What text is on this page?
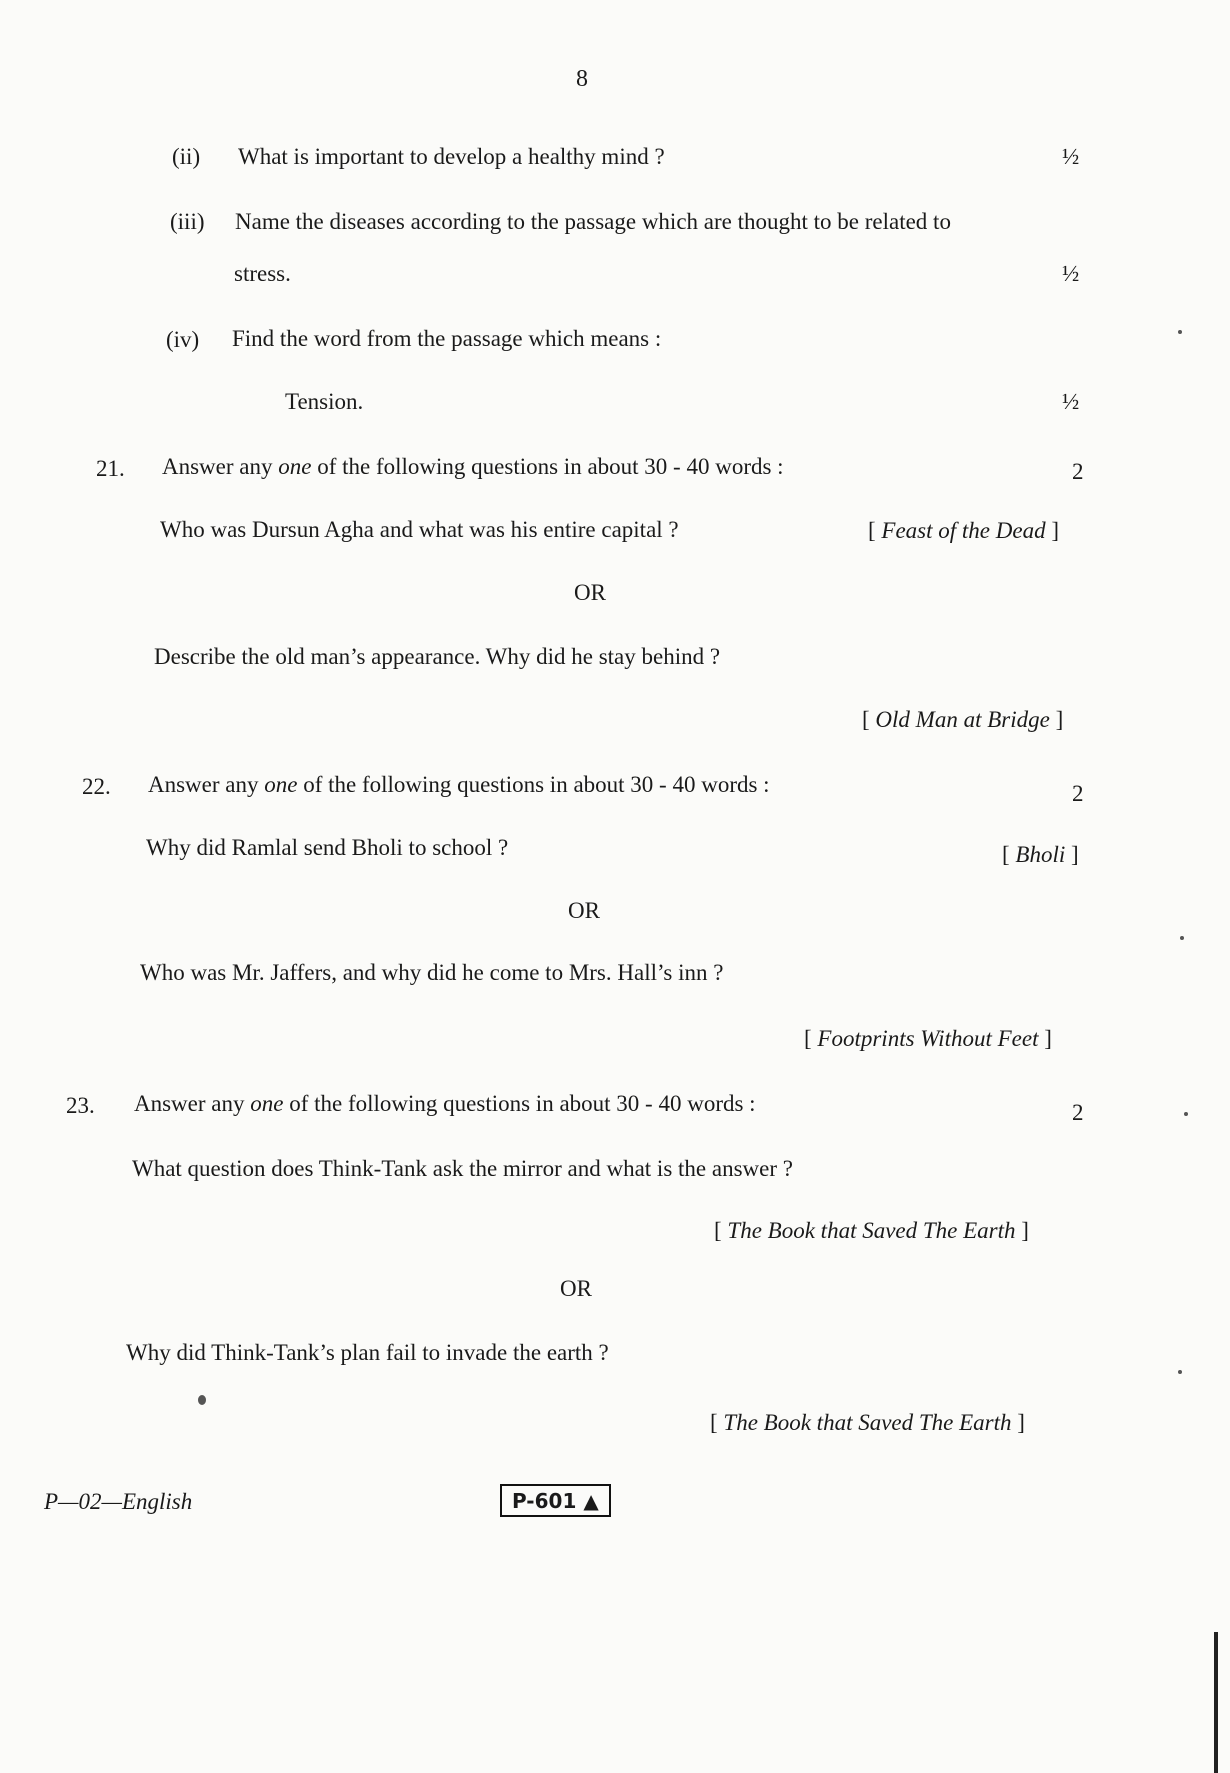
8
(ii) What is important to develop a healthy mind ?	½
(iii) Name the diseases according to the passage which are thought to be related to
stress.	½
(iv) Find the word from the passage which means :
Tension.	½
21. Answer any one of the following questions in about 30 - 40 words :	2
Who was Dursun Agha and what was his entire capital ?	[ Feast of the Dead ]
OR
Describe the old man’s appearance. Why did he stay behind ?
[ Old Man at Bridge ]
22. Answer any one of the following questions in about 30 - 40 words :	2
Why did Ramlal send Bholi to school ?	[ Bholi ]
OR
Who was Mr. Jaffers, and why did he come to Mrs. Hall’s inn ?
[ Footprints Without Feet ]
23. Answer any one of the following questions in about 30 - 40 words :	2
What question does Think-Tank ask the mirror and what is the answer ?
[ The Book that Saved The Earth ]
OR
Why did Think-Tank’s plan fail to invade the earth ?
[ The Book that Saved The Earth ]
P—02—English	P-601 ▲
